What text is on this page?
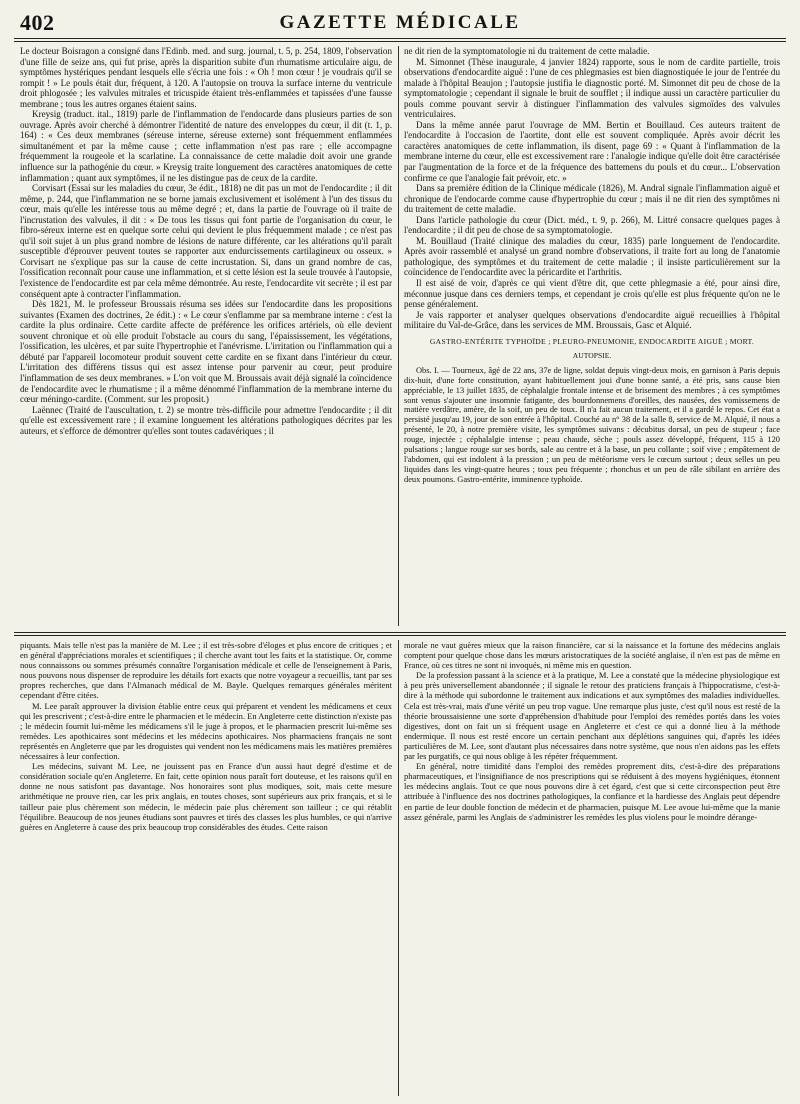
402	GAZETTE MÉDICALE

Le docteur Boisragon a consigné dans l'Edinb. med. and surg. journal, t. 5, p. 254, 1809, l'observation d'une fille de seize ans, qui fut prise, après la disparition subite d'un rhumatisme articulaire aigu, de symptômes hystériques pendant lesquels elle s'écria une fois : « Oh ! mon cœur ! je voudrais qu'il se rompit ! » Le pouls était dur, fréquent, à 120. A l'autopsie on trouva la surface interne du ventricule droit phlogosée ; les valvules mitrales et tricuspide étaient très-enflammées et tapissées d'une fausse membrane ; tous les autres organes étaient sains.

Kreysig (traduct. ital., 1819) parle de l'inflammation de l'endocarde dans plusieurs parties de son ouvrage. Après avoir cherché à démontrer l'identité de nature des enveloppes du cœur, il dit (t. 1, p. 164) : « Ces deux membranes (séreuse interne, séreuse externe) sont fréquemment enflammées simultanément et par la même cause ; cette inflammation n'est pas rare ; elle accompagne fréquemment la rougeole et la scarlatine. La connaissance de cette maladie doit avoir une grande influence sur la pathogénie du cœur. » Kreysig traite longuement des caractères anatomiques de cette inflammation ; quant aux symptômes, il ne les distingue pas de ceux de la cardite.

Corvisart (Essai sur les maladies du cœur, 3e édit., 1818) ne dit pas un mot de l'endocardite ; il dit même, p. 244, que l'inflammation ne se borne jamais exclusivement et isolément à l'un des tissus du cœur, mais qu'elle les intéresse tous au même degré ; et, dans la partie de l'ouvrage où il traite de l'incrustation des valvules, il dit : « De tous les tissus qui font partie de l'organisation du cœur, le fibro-séreux interne est en quelque sorte celui qui devient le plus fréquemment malade ; ce n'est pas qu'il soit sujet à un plus grand nombre de lésions de nature différente, car les altérations qu'il paraît susceptible d'éprouver peuvent toutes se rapporter aux endurcissements cartilagineux ou osseux. » Corvisart ne s'explique pas sur la cause de cette incrustation. Si, dans un grand nombre de cas, l'ossification reconnaît pour cause une inflammation, et si cette lésion est la seule trouvée à l'autopsie, l'existence de l'endocardite est par cela même démontrée. Au reste, l'endocardite vit secrète ; il est par conséquent apte à contracter l'inflammation.

Dès 1821, M. le professeur Broussais résuma ses idées sur l'endocardite dans les propositions suivantes (Examen des doctrines, 2e édit.) : « Le cœur s'enflamme par sa membrane interne : c'est la cardite la plus ordinaire. Cette cardite affecte de préférence les orifices artériels, où elle devient souvent chronique et où elle produit l'obstacle au cours du sang, l'épaississement, les végétations, l'ossification, les ulcères, et par suite l'hypertrophie et l'anévrisme. L'irritation ou l'inflammation qui a débuté par l'appareil locomoteur produit souvent cette cardite en se fixant dans l'intérieur du cœur. L'irritation des différens tissus qui est assez intense pour parvenir au cœur, peut produire l'inflammation de ses deux membranes. » L'on voit que M. Broussais avait déjà signalé la coïncidence de l'endocardite avec le rhumatisme ; il a même dénommé l'inflammation de la membrane interne du cœur méningo-cardite. (Comment. sur les proposit.)

Laënnec (Traité de l'auscultation, t. 2) se montre très-difficile pour admettre l'endocardite ; il dit qu'elle est excessivement rare ; il examine longuement les altérations pathologiques décrites par les auteurs, et s'efforce de démontrer qu'elles sont toutes cadavériques ; il

ne dit rien de la symptomatologie ni du traitement de cette maladie.

M. Simonnet (Thèse inaugurale, 4 janvier 1824) rapporte, sous le nom de cardite partielle, trois observations d'endocardite aiguë : l'une de ces phlegmasies est bien diagnostiquée le jour de l'entrée du malade à l'hôpital Beaujon ; l'autopsie justifia le diagnostic porté. M. Simonnet dit peu de chose de la symptomatologie ; cependant il signale le bruit de soufflet ; il indique aussi un caractère particulier du pouls comme pouvant servir à distinguer l'inflammation des valvules sigmoïdes des valvules ventriculaires.

Dans la même année parut l'ouvrage de MM. Bertin et Bouillaud. Ces auteurs traitent de l'endocardite à l'occasion de l'aortite, dont elle est souvent compliquée. Après avoir décrit les caractères anatomiques de cette inflammation, ils disent, page 69 : « Quant à l'inflammation de la membrane interne du cœur, elle est excessivement rare : l'analogie indique qu'elle doit être caractérisée par l'augmentation de la force et de la fréquence des battemens du pouls et du cœur... L'observation confirme ce que l'analogie fait prévoir, etc. »

Dans sa première édition de la Clinique médicale (1826), M. Andral signale l'inflammation aiguë et chronique de l'endocarde comme cause d'hypertrophie du cœur ; mais il ne dit rien des symptômes ni du traitement de cette maladie.

Dans l'article pathologie du cœur (Dict. méd., t. 9, p. 266), M. Littré consacre quelques pages à l'endocardite ; il dit peu de chose de sa symptomatologie.

M. Bouillaud (Traité clinique des maladies du cœur, 1835) parle longuement de l'endocardite. Après avoir rassemblé et analysé un grand nombre d'observations, il traite fort au long de l'anatomie pathologique, des symptômes et du traitement de cette maladie ; il insiste particulièrement sur la coïncidence de l'endocardite avec la péricardite et l'arthritis.

Il est aisé de voir, d'après ce qui vient d'être dit, que cette phlegmasie a été, pour ainsi dire, méconnue jusque dans ces derniers temps, et cependant je crois qu'elle est plus fréquente qu'on ne le pense généralement.

Je vais rapporter et analyser quelques observations d'endocardite aiguë recueillies à l'hôpital militaire du Val-de-Grâce, dans les services de MM. Broussais, Gasc et Alquié.

GASTRO-ENTÉRITE TYPHOÏDE ; PLEURO-PNEUMONIE, ENDOCARDITE AIGUË ; MORT.
AUTOPSIE.

Obs. I. — Tourneux, âgé de 22 ans, 37e de ligne, soldat depuis vingt-deux mois, en garnison à Paris depuis dix-huit, d'une forte constitution, ayant habituellement joui d'une bonne santé, a été pris, sans cause bien appréciable, le 13 juillet 1835, de céphalalgie frontale intense et de brisement des membres ; à ces symptômes sont venus s'ajouter une insomnie fatigante, des bourdonnemens d'oreilles, des nausées, des vomissemens de matière verdâtre, amère, de la soif, un peu de toux. Il n'a fait aucun traitement, et il a gardé le repos. Cet état a persisté jusqu'au 19, jour de son entrée à l'hôpital. Couché au n° 38 de la salle 8, service de M. Alquié, il nous a présenté, le 20, à notre première visite, les symptômes suivans : décubitus dorsal, un peu de stupeur ; face rouge, injectée ; céphalalgie intense ; peau chaude, sèche ; pouls assez développé, fréquent, 115 à 120 pulsations ; langue rouge sur ses bords, sale au centre et à la base, un peu collante ; soif vive ; empâtement de l'abdomen, qui est indolent à la pression ; un peu de météorisme vers le cœcum surtout ; deux selles un peu liquides dans les vingt-quatre heures ; toux peu fréquente ; rhonchus et un peu de râle sibilant en arrière des deux poumons. Gastro-entérite, imminence typhoïde.

piquants. Mais telle n'est pas la manière de M. Lee ; il est très-sobre d'éloges et plus encore de critiques ; et en général d'appréciations morales et scientifiques ; il cherche avant tout les faits et la statistique. Or, comme nous connaissons ou sommes présumés connaître l'organisation médicale et celle de l'enseignement à Paris, nous pouvons nous dispenser de reproduire les détails fort exacts que notre voyageur a recueillis, tant par ses propres recherches, que dans l'Almanach médical de M. Bayle. Quelques remarques générales méritent cependant d'être citées.

M. Lee paraît approuver la division établie entre ceux qui préparent et vendent les médicamens et ceux qui les prescrivent ; c'est-à-dire entre le pharmacien et le médecin. En Angleterre cette distinction n'existe pas ; le médecin fournit lui-même les médicamens s'il le juge à propos, et le pharmacien prescrit lui-même ses remèdes. Les apothicaires sont médecins et les médecins apothicaires. Nos pharmaciens français ne sont représentés en Angleterre que par les droguistes qui vendent non les médicamens mais les matières premières nécessaires à leur confection.

Les médecins, suivant M. Lee, ne jouissent pas en France d'un aussi haut degré d'estime et de considération sociale qu'en Angleterre. En fait, cette opinion nous paraît fort douteuse, et les raisons qu'il en donne ne nous satisfont pas davantage. Nos honoraires sont plus modiques, soit, mais cette mesure arithmétique ne prouve rien, car les prix anglais, en toutes choses, sont supérieurs aux prix français, et si le tailleur paie plus chèrement son médecin, le médecin paie plus chèrement son tailleur ; ce qui rétablit l'équilibre. Beaucoup de nos jeunes étudians sont pauvres et tirés des classes les plus humbles, ce qui n'arrive guères en Angleterre à cause des prix beaucoup trop considérables des études. Cette raison

morale ne vaut guères mieux que la raison financière, car si la naissance et la fortune des médecins anglais comptent pour quelque chose dans les mœurs aristocratiques de la société anglaise, il n'en est pas de même en France, où ces titres ne sont ni invoqués, ni même mis en question.

De la profession passant à la science et à la pratique, M. Lee a constaté que la médecine physiologique est à peu près universellement abandonnée ; il signale le retour des praticiens français à l'hippocratisme, c'est-à-dire à la méthode qui subordonne le traitement aux indications et aux symptômes des maladies individuelles. Cela est très-vrai, mais d'une vérité un peu trop vague. Une remarque plus juste, c'est qu'il nous est resté de la théorie broussaisienne une sorte d'appréhension d'habitude pour l'emploi des remèdes portés dans les voies digestives, dont on fait un si fréquent usage en Angleterre et c'est ce qui a donné lieu à la méthode endermique. Il nous est resté encore un certain penchant aux déplétions sanguines qui, d'après les idées particulières de M. Lee, sont d'autant plus nécessaires dans notre système, que nous n'en aidons pas les effets par les purgatifs, ce qui nous oblige à les répéter fréquemment.

En général, notre timidité dans l'emploi des remèdes proprement dits, c'est-à-dire des préparations pharmaceutiques, et l'insignifiance de nos prescriptions qui se réduisent à des moyens hygiéniques, étonnent les médecins anglais. Tout ce que nous pouvons dire à cet égard, c'est que si cette circonspection peut être attribuée à l'influence des nos doctrines pathologiques, la confiance et la hardiesse des Anglais peut dépendre en partie de leur double fonction de médecin et de pharmacien, puisque M. Lee avoue lui-même que la manie assez générale, parmi les Anglais de s'administrer les remèdes les plus violens pour le moindre dérange-
